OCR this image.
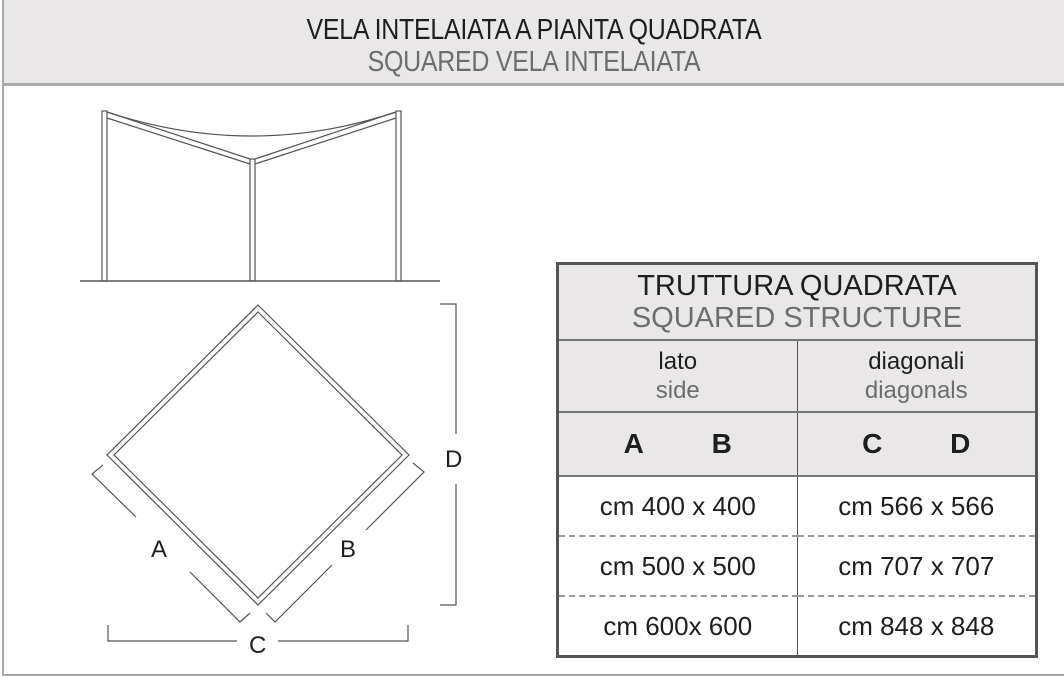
VELA INTELAIATA A PIANTA QUADRATA
SQUARED VELA INTELAIATA
A	B
C
D
TRUTTURA QUADRATA
SQUARED STRUCTURE	

lato
side

diagonali
diagonals

A B	C D
cm 400 x 400	cm 566 x 566
cm 500 x 500	cm 707 x 707
cm 600x 600	cm 848 x 848
